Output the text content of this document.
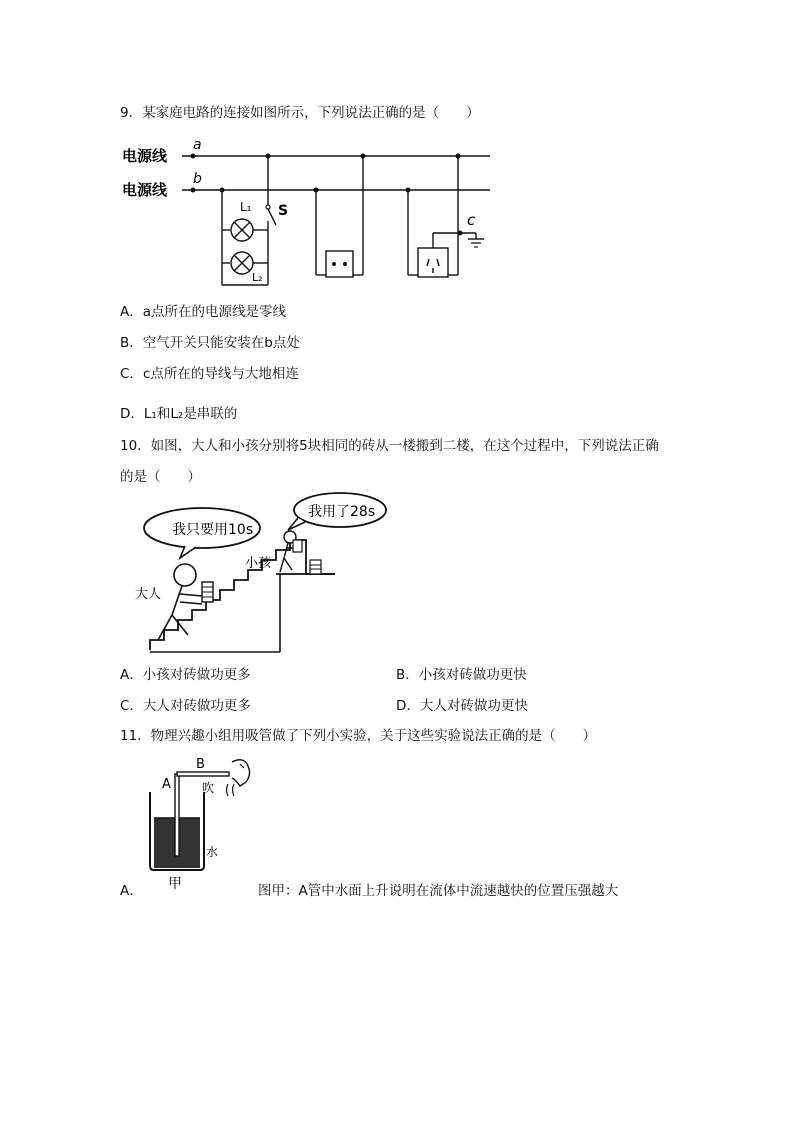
9．某家庭电路的连接如图所示，下列说法正确的是（　　）
电源线
电源线
a
b
L₁
L₂
S	c
A．a点所在的电源线是零线
B．空气开关只能安装在b点处
C．c点所在的导线与大地相连
D．L₁和L₂是串联的
10．如图，大人和小孩分别将5块相同的砖从一楼搬到二楼，在这个过程中，下列说法正确
的是（　　）
我只要用10s
我用了28s
大人
小孩
A．小孩对砖做功更多	B．小孩对砖做功更快
C．大人对砖做功更多	D．大人对砖做功更快
11．物理兴趣小组用吸管做了下列小实验，关于这些实验说法正确的是（　　）
A
B
吹
水
甲
A．	图甲：A管中水面上升说明在流体中流速越快的位置压强越大
